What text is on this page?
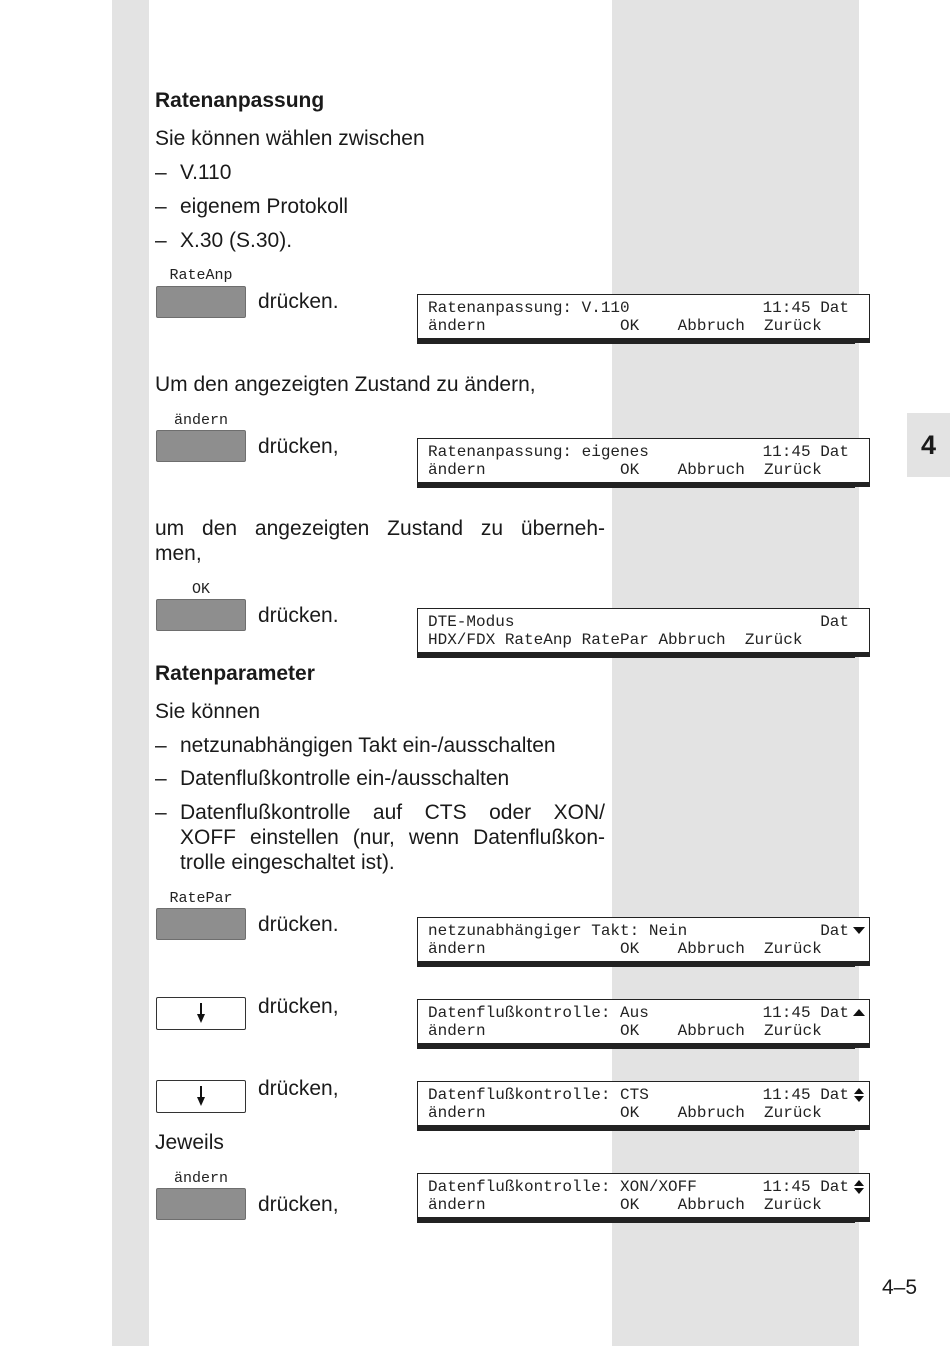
4
Ratenanpassung
Sie können wählen zwischen
– V.110
– eigenem Protokoll
– X.30 (S.30).
RateAnp
drücken.	Ratenanpassung: V.110	11:45 Dat
ändern              OK    Abbruch  Zurück
Um den angezeigten Zustand zu ändern,
ändern
drücken,	Ratenanpassung: eigenes	11:45 Dat
ändern              OK    Abbruch  Zurück
um den angezeigten Zustand zu überneh-
men,
OK
drücken.	DTE-Modus	Dat
HDX/FDX RateAnp RatePar Abbruch  Zurück
Ratenparameter
Sie können
– netzunabhängigen Takt ein-/ausschalten
– Datenflußkontrolle ein-/ausschalten
– Datenflußkontrolle auf CTS oder XON/
XOFF einstellen (nur, wenn Datenflußkon-
trolle eingeschaltet ist).
RatePar
drücken.	netzunabhängiger Takt: Nein	Dat
ändern              OK    Abbruch  Zurück
drücken,	Datenflußkontrolle: Aus	11:45 Dat
ändern              OK    Abbruch  Zurück
drücken,	Datenflußkontrolle: CTS	11:45 Dat
ändern              OK    Abbruch  Zurück
Jeweils
ändern
drücken,
Datenflußkontrolle: XON/XOFF	11:45 Dat
ändern              OK    Abbruch  Zurück
4–5
